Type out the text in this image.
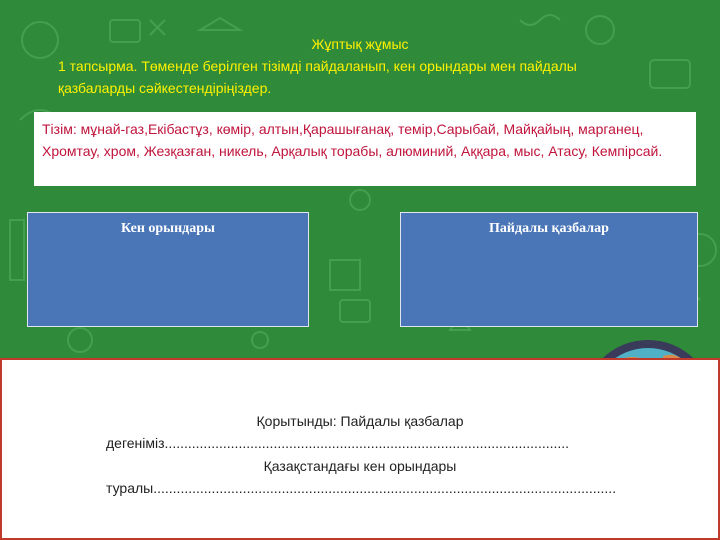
Жұптық жұмыс
1 тапсырма. Төменде берілген тізімді пайдаланып, кен орындары мен пайдалы
қазбаларды сәйкестендіріңіздер.
Тізім: мұнай-газ,Екібастұз, көмір, алтын,Қарашығанақ, темір,Сарыбай, Майқайың, марганец, Хромтау, хром, Жезқазған, никель, Арқалық торабы, алюминий, Аққара, мыс, Атасу, Кемпірсай.
Кен орындары	Пайдалы қазбалар
Қорытынды: Пайдалы қазбалар
дегеніміз........................................................................................................
Қазақстандағы кен орындары
туралы.......................................................................................................................
